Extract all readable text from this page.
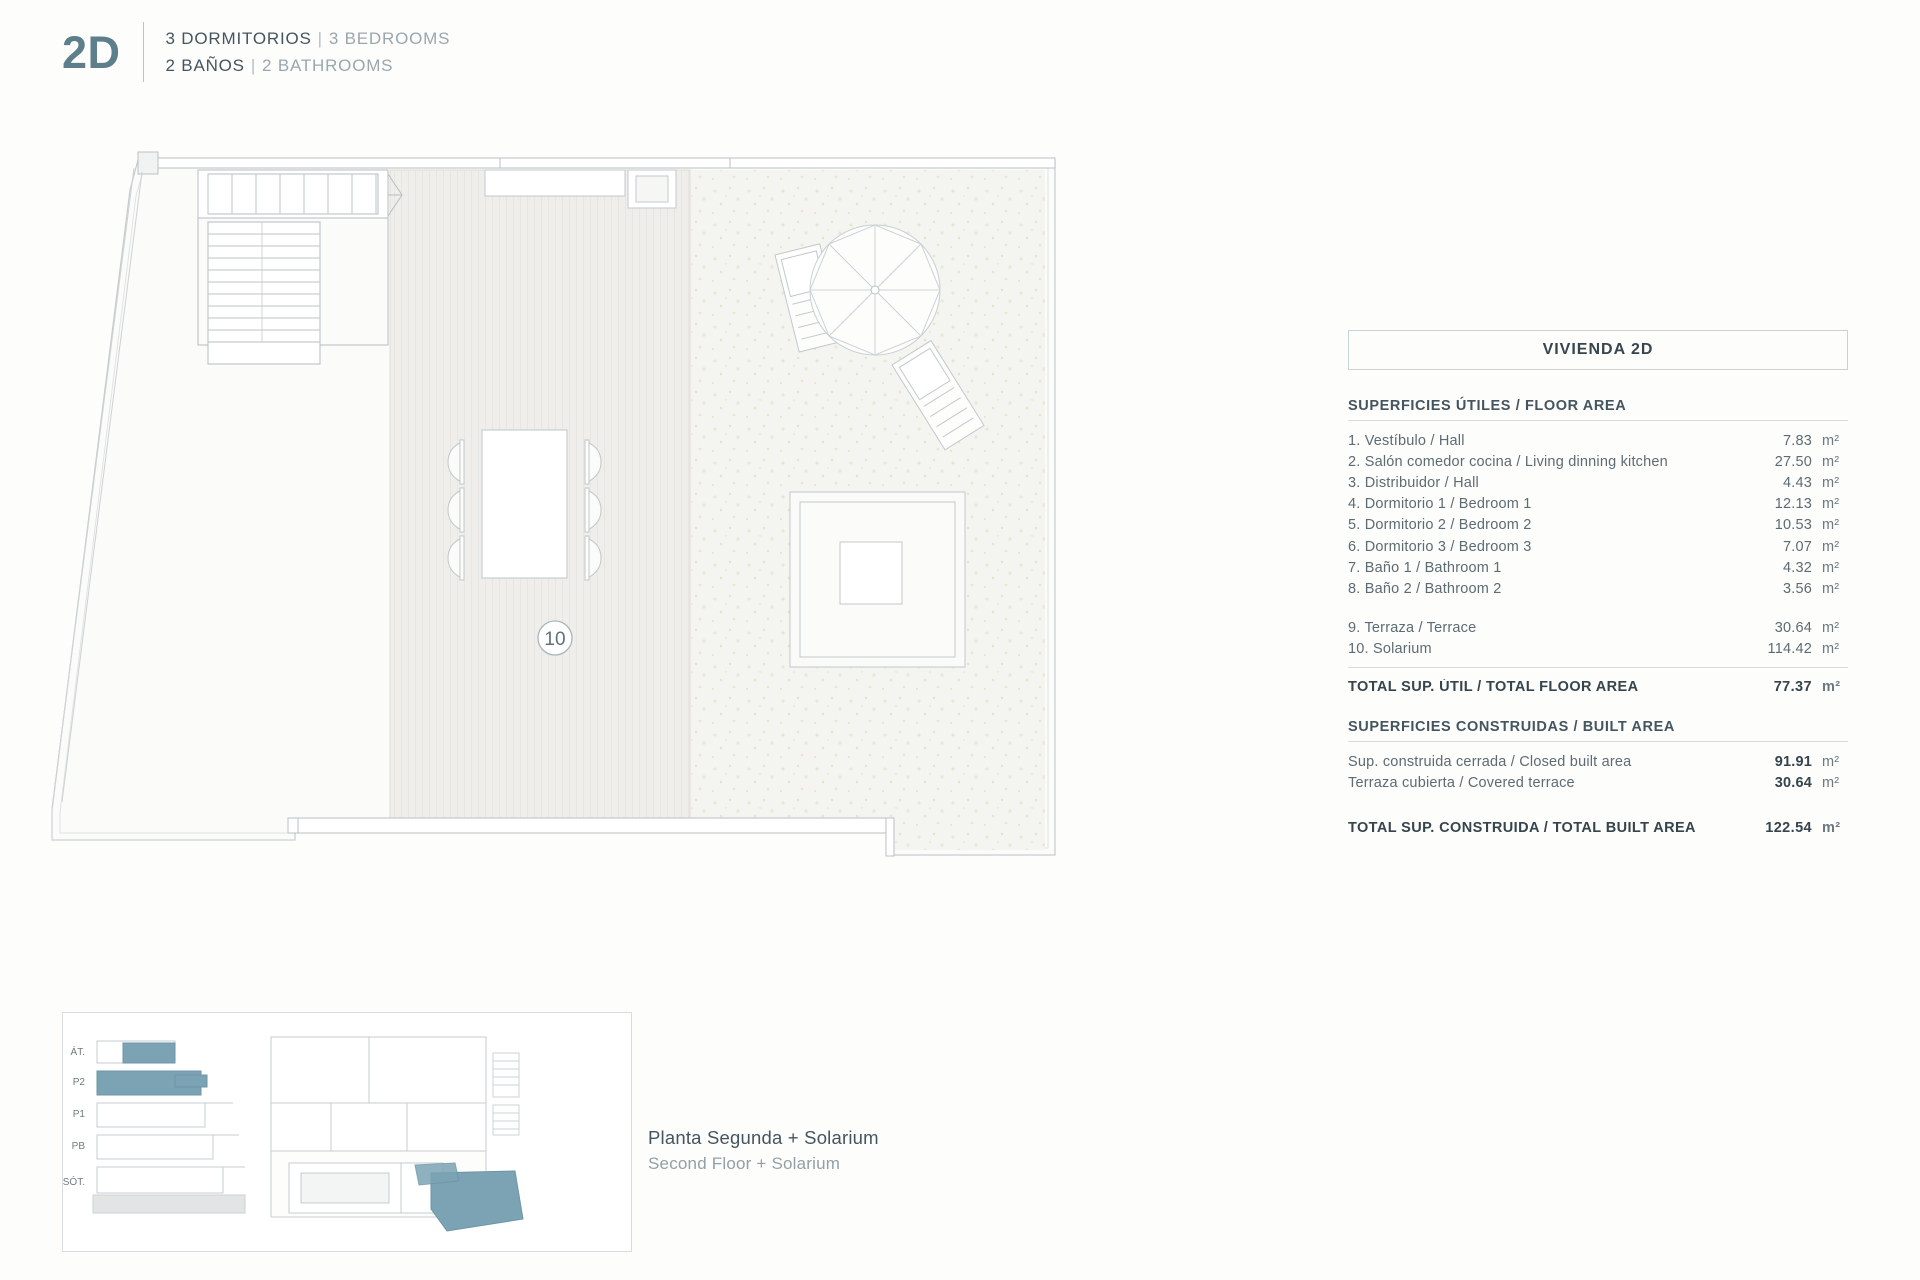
2D	3 DORMITORIOS | 3 BEDROOMS
2 BAÑOS | 2 BATHROOMS
10
VIVIENDA 2D
SUPERFICIES ÚTILES / FLOOR AREA
1. Vestíbulo / Hall	7.83 m²
2. Salón comedor cocina / Living dinning kitchen	27.50 m²
3. Distribuidor / Hall	4.43 m²
4. Dormitorio 1 / Bedroom 1	12.13 m²
5. Dormitorio 2 / Bedroom 2	10.53 m²
6. Dormitorio 3 / Bedroom 3	7.07 m²
7. Baño 1 / Bathroom 1	4.32 m²
8. Baño 2 / Bathroom 2	3.56 m²
9. Terraza / Terrace	30.64 m²
10. Solarium	114.42 m²
TOTAL SUP. ÚTIL / TOTAL FLOOR AREA	77.37 m²
SUPERFICIES CONSTRUIDAS / BUILT AREA
Sup. construida cerrada / Closed built area	91.91 m²
Terraza cubierta / Covered terrace	30.64 m²
TOTAL SUP. CONSTRUIDA / TOTAL BUILT AREA	122.54 m²
ÁT.
P2
P1
PB
SÓT.
Planta Segunda + Solarium
Second Floor + Solarium
